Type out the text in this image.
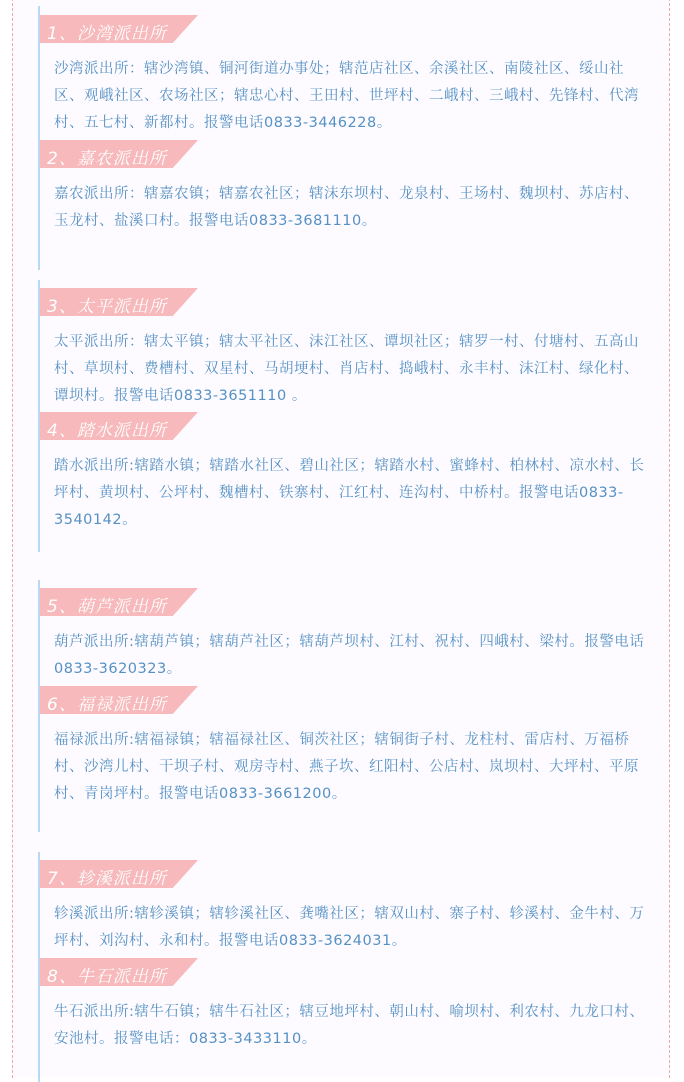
1、沙湾派出所

沙湾派出所：辖沙湾镇、铜河街道办事处；辖范店社区、余溪社区、南陵社区、绥山社区、观峨社区、农场社区；辖忠心村、王田村、世坪村、二峨村、三峨村、先锋村、代湾村、五七村、新都村。报警电话0833-3446228。

2、嘉农派出所

嘉农派出所：辖嘉农镇；辖嘉农社区；辖沫东坝村、龙泉村、王场村、魏坝村、苏店村、玉龙村、盐溪口村。报警电话0833-3681110。

3、太平派出所

太平派出所：辖太平镇；辖太平社区、沫江社区、谭坝社区；辖罗一村、付塘村、五高山村、草坝村、费槽村、双星村、马胡埂村、肖店村、捣峨村、永丰村、沫江村、绿化村、谭坝村。报警电话0833-3651110 。

4、踏水派出所

踏水派出所:辖踏水镇；辖踏水社区、碧山社区；辖踏水村、蜜蜂村、柏林村、凉水村、长坪村、黄坝村、公坪村、魏槽村、铁寨村、江红村、连沟村、中桥村。报警电话0833-3540142。

5、葫芦派出所

葫芦派出所:辖葫芦镇；辖葫芦社区；辖葫芦坝村、江村、祝村、四峨村、梁村。报警电话0833-3620323。

6、福禄派出所

福禄派出所:辖福禄镇；辖福禄社区、铜茨社区；辖铜街子村、龙柱村、雷店村、万福桥村、沙湾儿村、干坝子村、观房寺村、燕子坎、红阳村、公店村、岚坝村、大坪村、平原村、青岗坪村。报警电话0833-3661200。

7、轸溪派出所

轸溪派出所:辖轸溪镇；辖轸溪社区、龚嘴社区；辖双山村、寨子村、轸溪村、金牛村、万坪村、刘沟村、永和村。报警电话0833-3624031。

8、牛石派出所

牛石派出所:辖牛石镇；辖牛石社区；辖豆地坪村、朝山村、喻坝村、利农村、九龙口村、安池村。报警电话：0833-3433110。
